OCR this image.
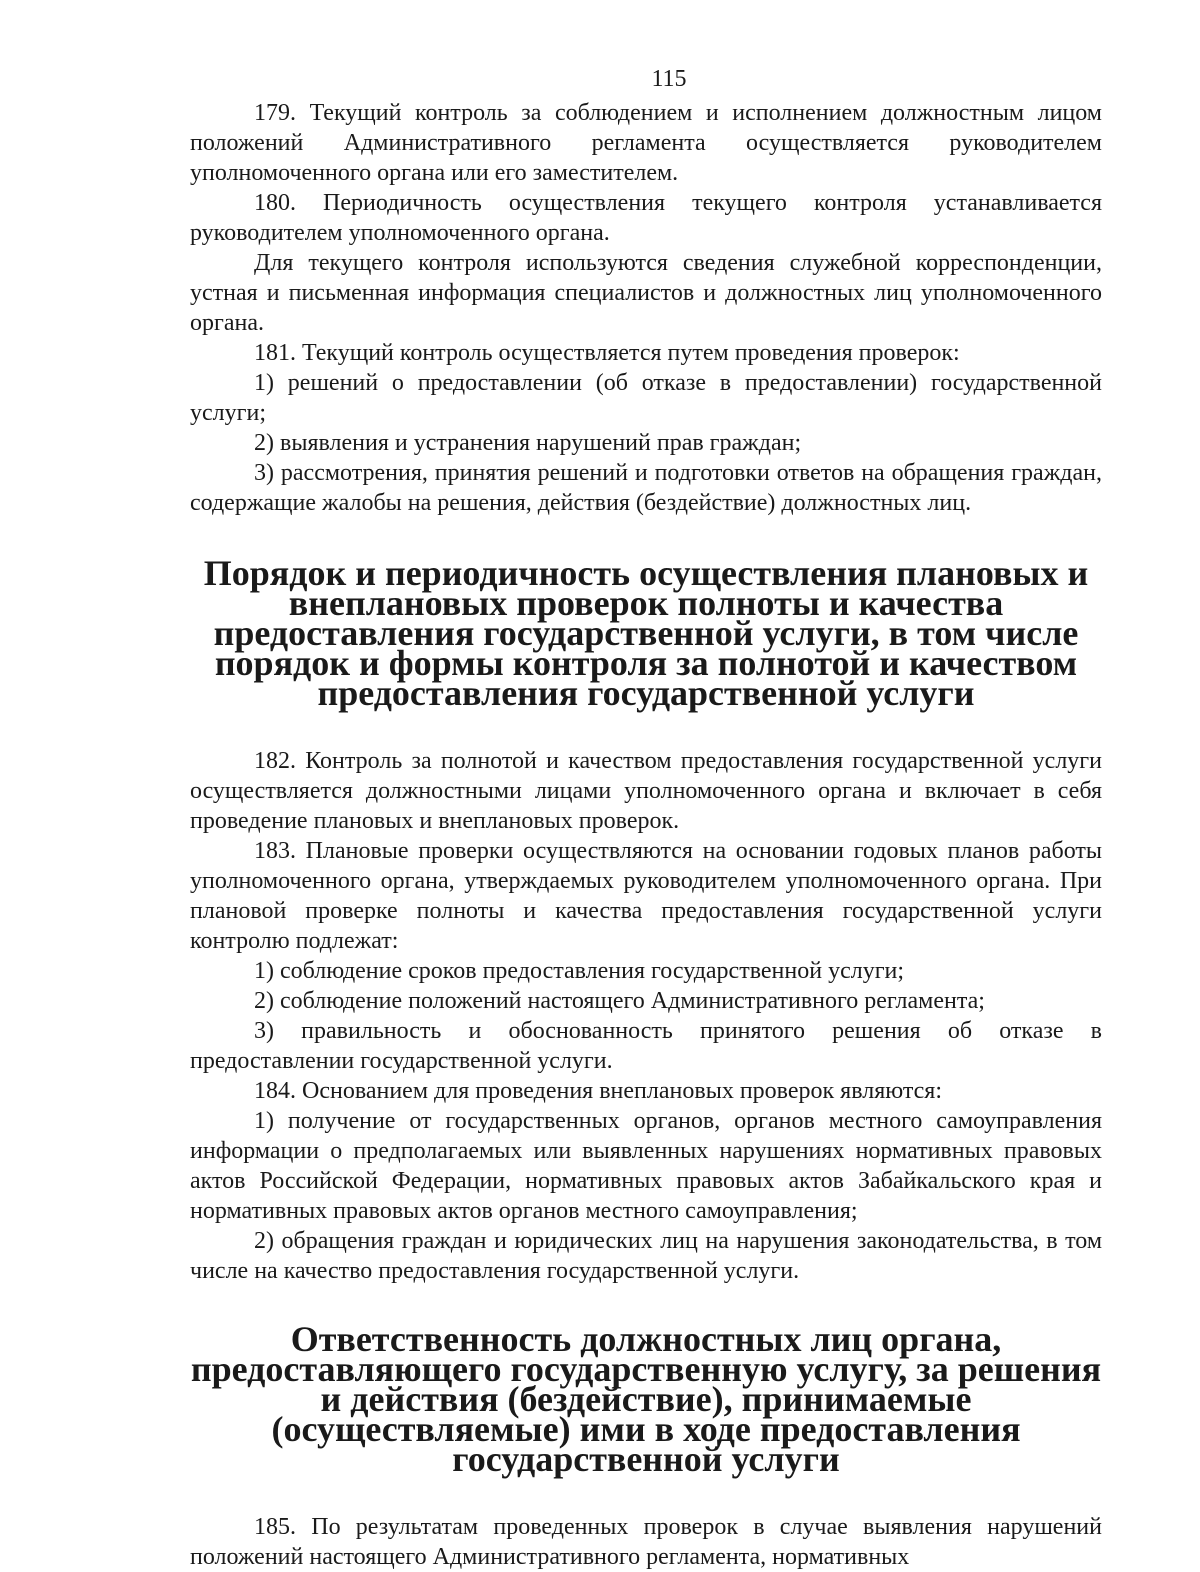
115

179. Текущий контроль за соблюдением и исполнением должностным лицом положений Административного регламента осуществляется руководителем уполномоченного органа или его заместителем.

180. Периодичность осуществления текущего контроля устанавливается руководителем уполномоченного органа.

Для текущего контроля используются сведения служебной корреспонденции, устная и письменная информация специалистов и должностных лиц уполномоченного органа.

181. Текущий контроль осуществляется путем проведения проверок:

1) решений о предоставлении (об отказе в предоставлении) государственной услуги;

2) выявления и устранения нарушений прав граждан;

3) рассмотрения, принятия решений и подготовки ответов на обращения граждан, содержащие жалобы на решения, действия (бездействие) должностных лиц.

Порядок и периодичность осуществления плановых и внеплановых проверок полноты и качества предоставления государственной услуги, в том числе порядок и формы контроля за полнотой и качеством предоставления государственной услуги

182. Контроль за полнотой и качеством предоставления государственной услуги осуществляется должностными лицами уполномоченного органа и включает в себя проведение плановых и внеплановых проверок.

183. Плановые проверки осуществляются на основании годовых планов работы уполномоченного органа, утверждаемых руководителем уполномоченного органа. При плановой проверке полноты и качества предоставления государственной услуги контролю подлежат:

1) соблюдение сроков предоставления государственной услуги;

2) соблюдение положений настоящего Административного регламента;

3) правильность и обоснованность принятого решения об отказе в предоставлении государственной услуги.

184. Основанием для проведения внеплановых проверок являются:

1) получение от государственных органов, органов местного самоуправления информации о предполагаемых или выявленных нарушениях нормативных правовых актов Российской Федерации, нормативных правовых актов Забайкальского края и нормативных правовых актов органов местного самоуправления;

2) обращения граждан и юридических лиц на нарушения законодательства, в том числе на качество предоставления государственной услуги.

Ответственность должностных лиц органа, предоставляющего государственную услугу, за решения и действия (бездействие), принимаемые (осуществляемые) ими в ходе предоставления государственной услуги

185. По результатам проведенных проверок в случае выявления нарушений положений настоящего Административного регламента, нормативных
